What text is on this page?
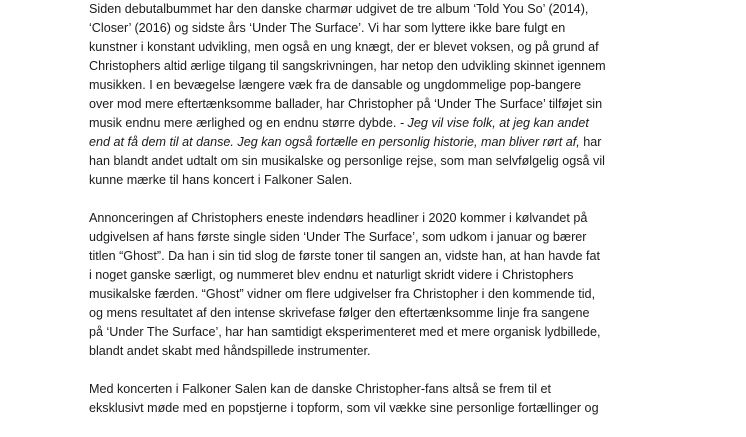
Siden debutalbummet har den danske charmør udgivet de tre album ‘Told You So’ (2014),
‘Closer’ (2016) og sidste års ‘Under The Surface’. Vi har som lyttere ikke bare fulgt en
kunstner i konstant udvikling, men også en ung knægt, der er blevet voksen, og på grund af
Christophers altid ærlige tilgang til sangskrivningen, har netop den udvikling skinnet igennem
musikken. I en bevægelse længere væk fra de dansable og ungdommelige pop-bangere
over mod mere eftertænksomme ballader, har Christopher på ‘Under The Surface’ tilføjet sin
musik endnu mere ærlighed og en endnu større dybde. - Jeg vil vise folk, at jeg kan andet
end at få dem til at danse. Jeg kan også fortælle en personlig historie, man bliver rørt af, har
han blandt andet udtalt om sin musikalske og personlige rejse, som man selvfølgelig også vil
kunne mærke til hans koncert i Falkoner Salen.
Annonceringen af Christophers eneste indendørs headliner i 2020 kommer i kølvandet på
udgivelsen af hans første single siden ‘Under The Surface’, som udkom i januar og bærer
titlen “Ghost”. Da han i sin tid slog de første toner til sangen an, vidste han, at han havde fat
i noget ganske særligt, og nummeret blev endnu et naturligt skridt videre i Christophers
musikalske færden. “Ghost” vidner om flere udgivelser fra Christopher i den kommende tid,
og mens resultatet af den intense skrivefase følger den eftertænksomme linje fra sangene
på ‘Under The Surface’, har han samtidigt eksperimenteret med et mere organisk lydbillede,
blandt andet skabt med håndspillede instrumenter.
Med koncerten i Falkoner Salen kan de danske Christopher-fans altså se frem til et
eksklusivt møde med en popstjerne i topform, som vil vække sine personlige fortællinger og
